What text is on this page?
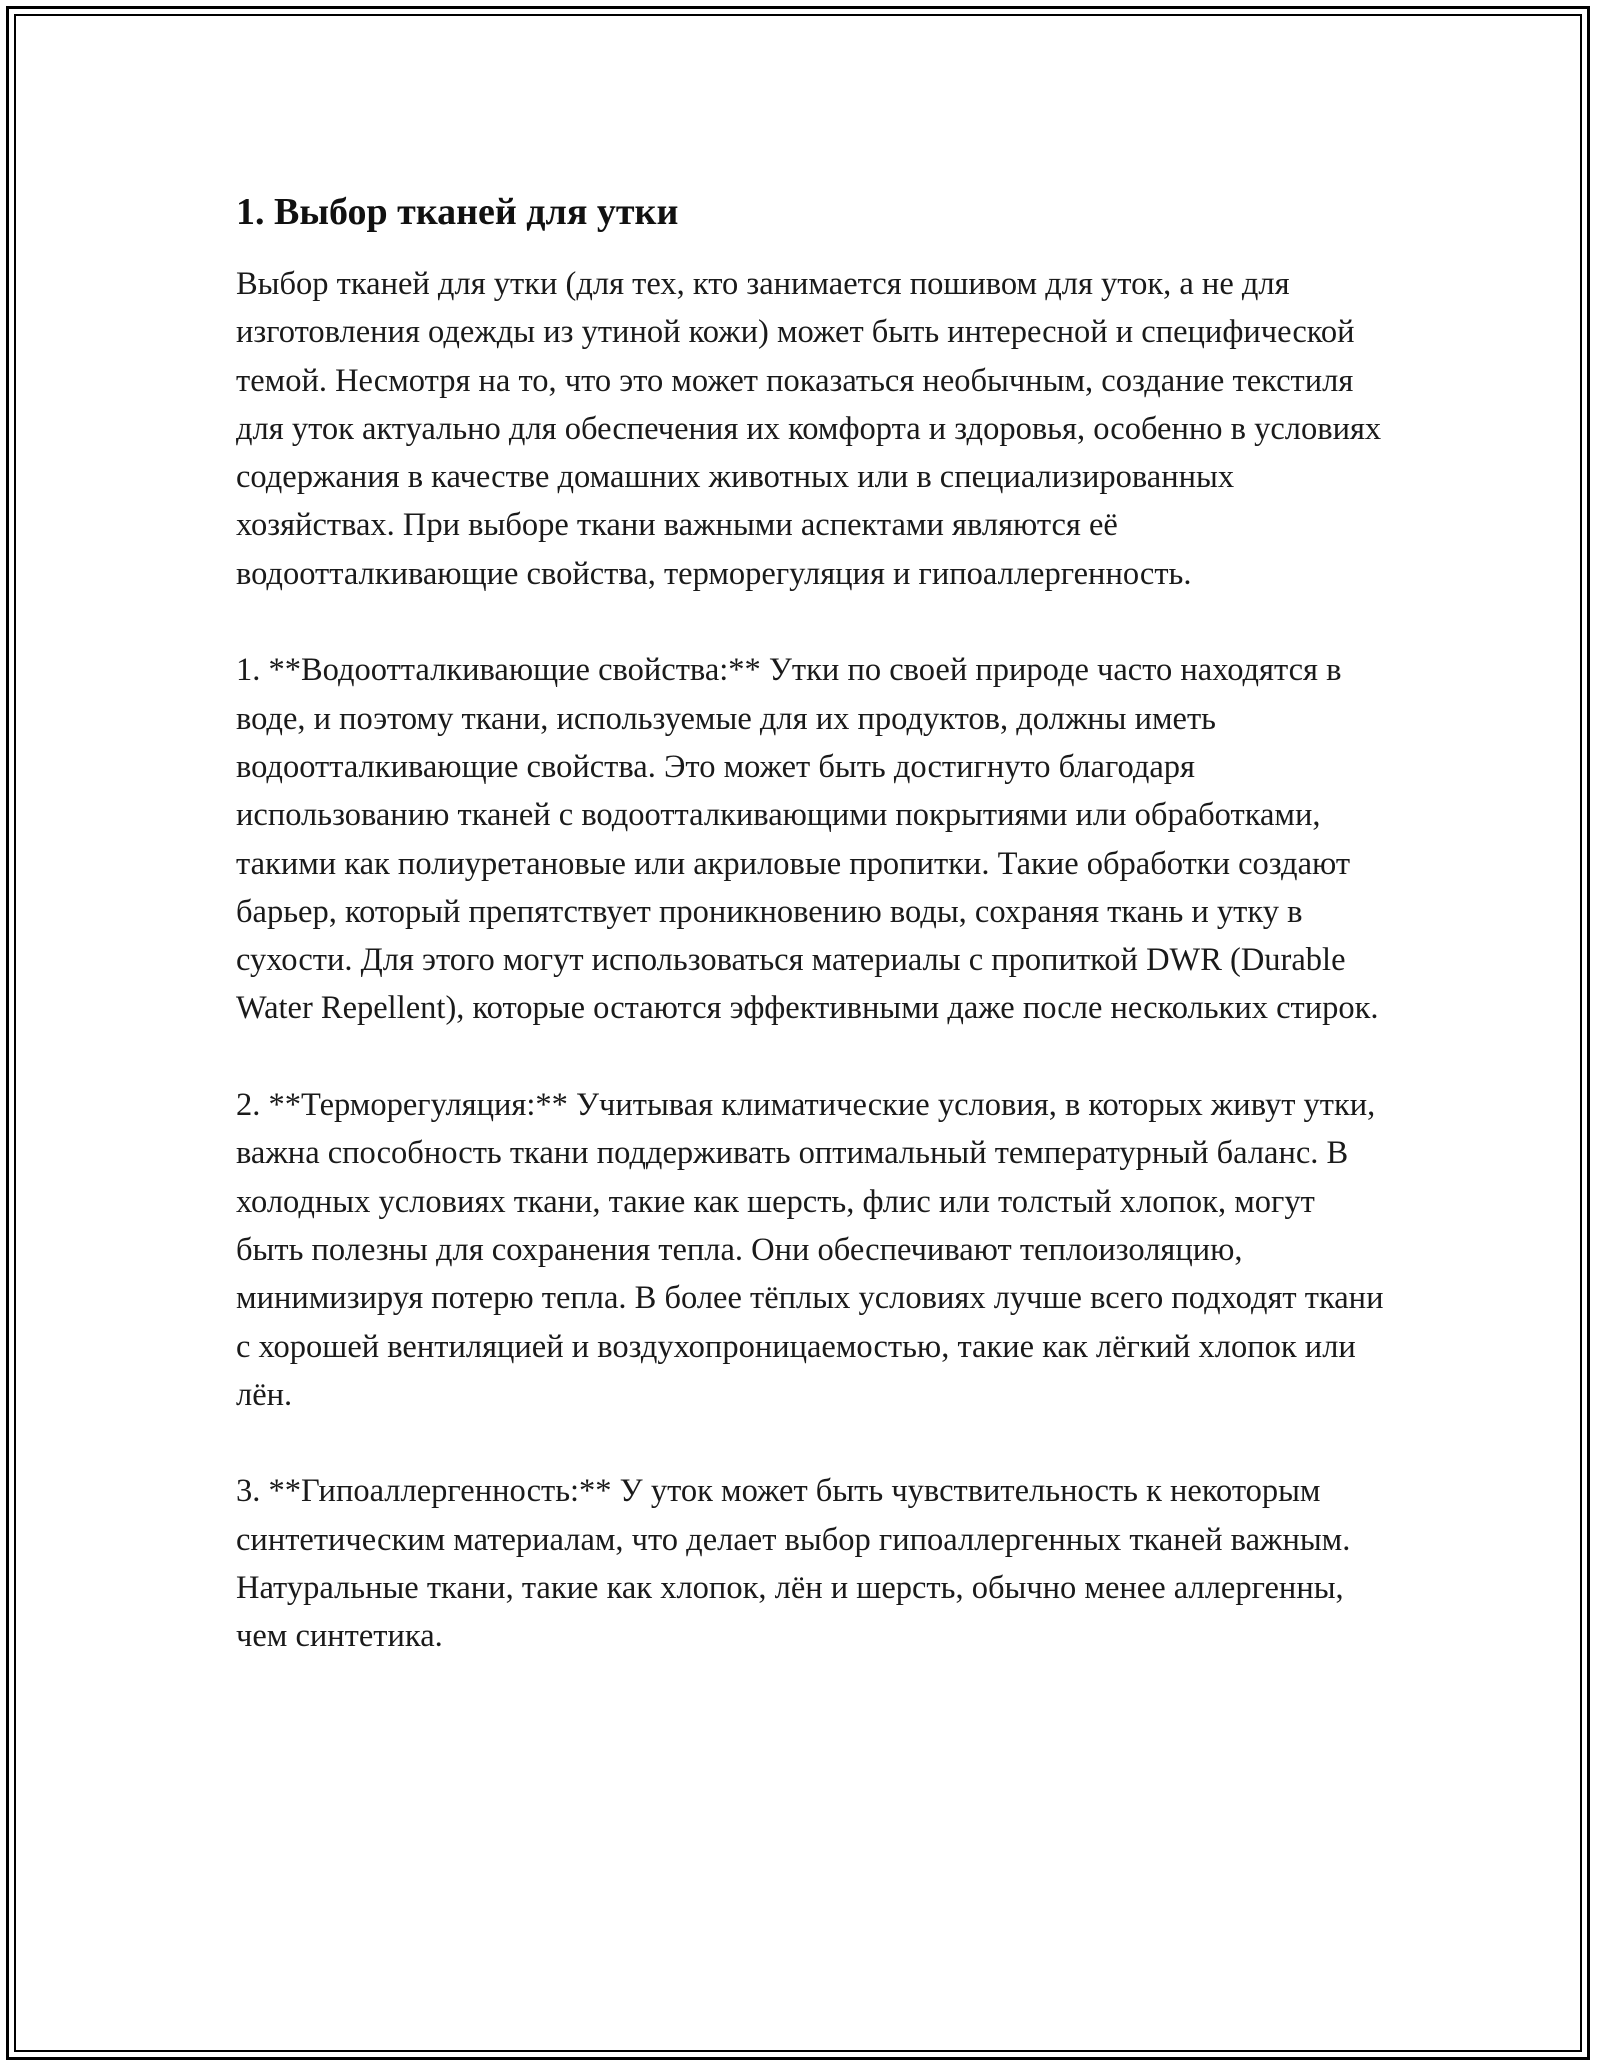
1. Выбор тканей для утки

Выбор тканей для утки (для тех, кто занимается пошивом для уток, а не для изготовления одежды из утиной кожи) может быть интересной и специфической темой. Несмотря на то, что это может показаться необычным, создание текстиля для уток актуально для обеспечения их комфорта и здоровья, особенно в условиях содержания в качестве домашних животных или в специализированных хозяйствах. При выборе ткани важными аспектами являются её водоотталкивающие свойства, терморегуляция и гипоаллергенность.

1. **Водоотталкивающие свойства:** Утки по своей природе часто находятся в воде, и поэтому ткани, используемые для их продуктов, должны иметь водоотталкивающие свойства. Это может быть достигнуто благодаря использованию тканей с водоотталкивающими покрытиями или обработками, такими как полиуретановые или акриловые пропитки. Такие обработки создают барьер, который препятствует проникновению воды, сохраняя ткань и утку в сухости. Для этого могут использоваться материалы с пропиткой DWR (Durable Water Repellent), которые остаются эффективными даже после нескольких стирок.

2. **Терморегуляция:** Учитывая климатические условия, в которых живут утки, важна способность ткани поддерживать оптимальный температурный баланс. В холодных условиях ткани, такие как шерсть, флис или толстый хлопок, могут быть полезны для сохранения тепла. Они обеспечивают теплоизоляцию, минимизируя потерю тепла. В более тёплых условиях лучше всего подходят ткани с хорошей вентиляцией и воздухопроницаемостью, такие как лёгкий хлопок или лён.

3. **Гипоаллергенность:** У уток может быть чувствительность к некоторым синтетическим материалам, что делает выбор гипоаллергенных тканей важным. Натуральные ткани, такие как хлопок, лён и шерсть, обычно менее аллергенны, чем синтетика.
